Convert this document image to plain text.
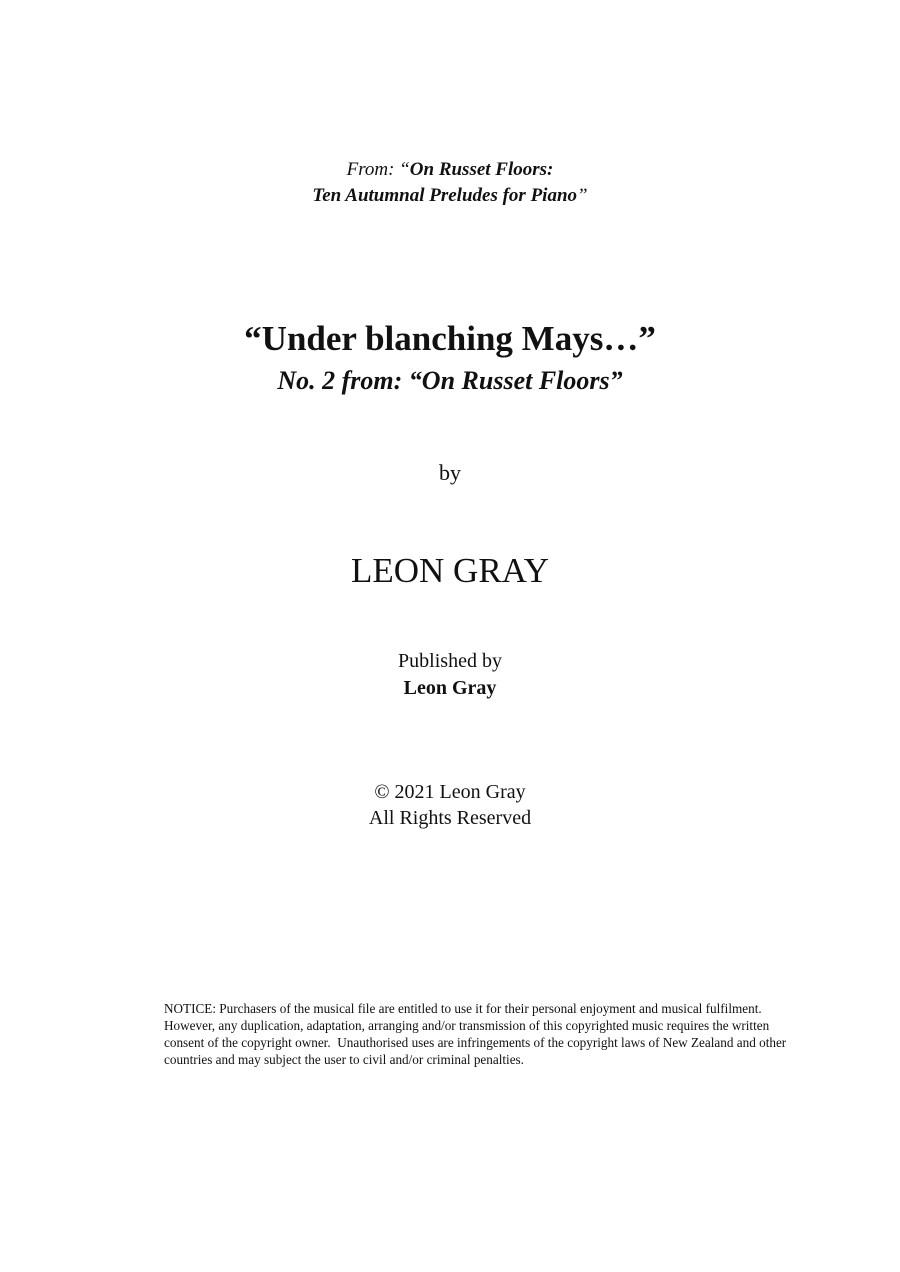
From: “On Russet Floors:
Ten Autumnal Preludes for Piano”
“Under blanching Mays…”
No. 2 from: “On Russet Floors”
by
LEON GRAY
Published by
Leon Gray
© 2021 Leon Gray
All Rights Reserved
NOTICE: Purchasers of the musical file are entitled to use it for their personal enjoyment and musical fulfilment. However, any duplication, adaptation, arranging and/or transmission of this copyrighted music requires the written consent of the copyright owner.  Unauthorised uses are infringements of the copyright laws of New Zealand and other countries and may subject the user to civil and/or criminal penalties.
